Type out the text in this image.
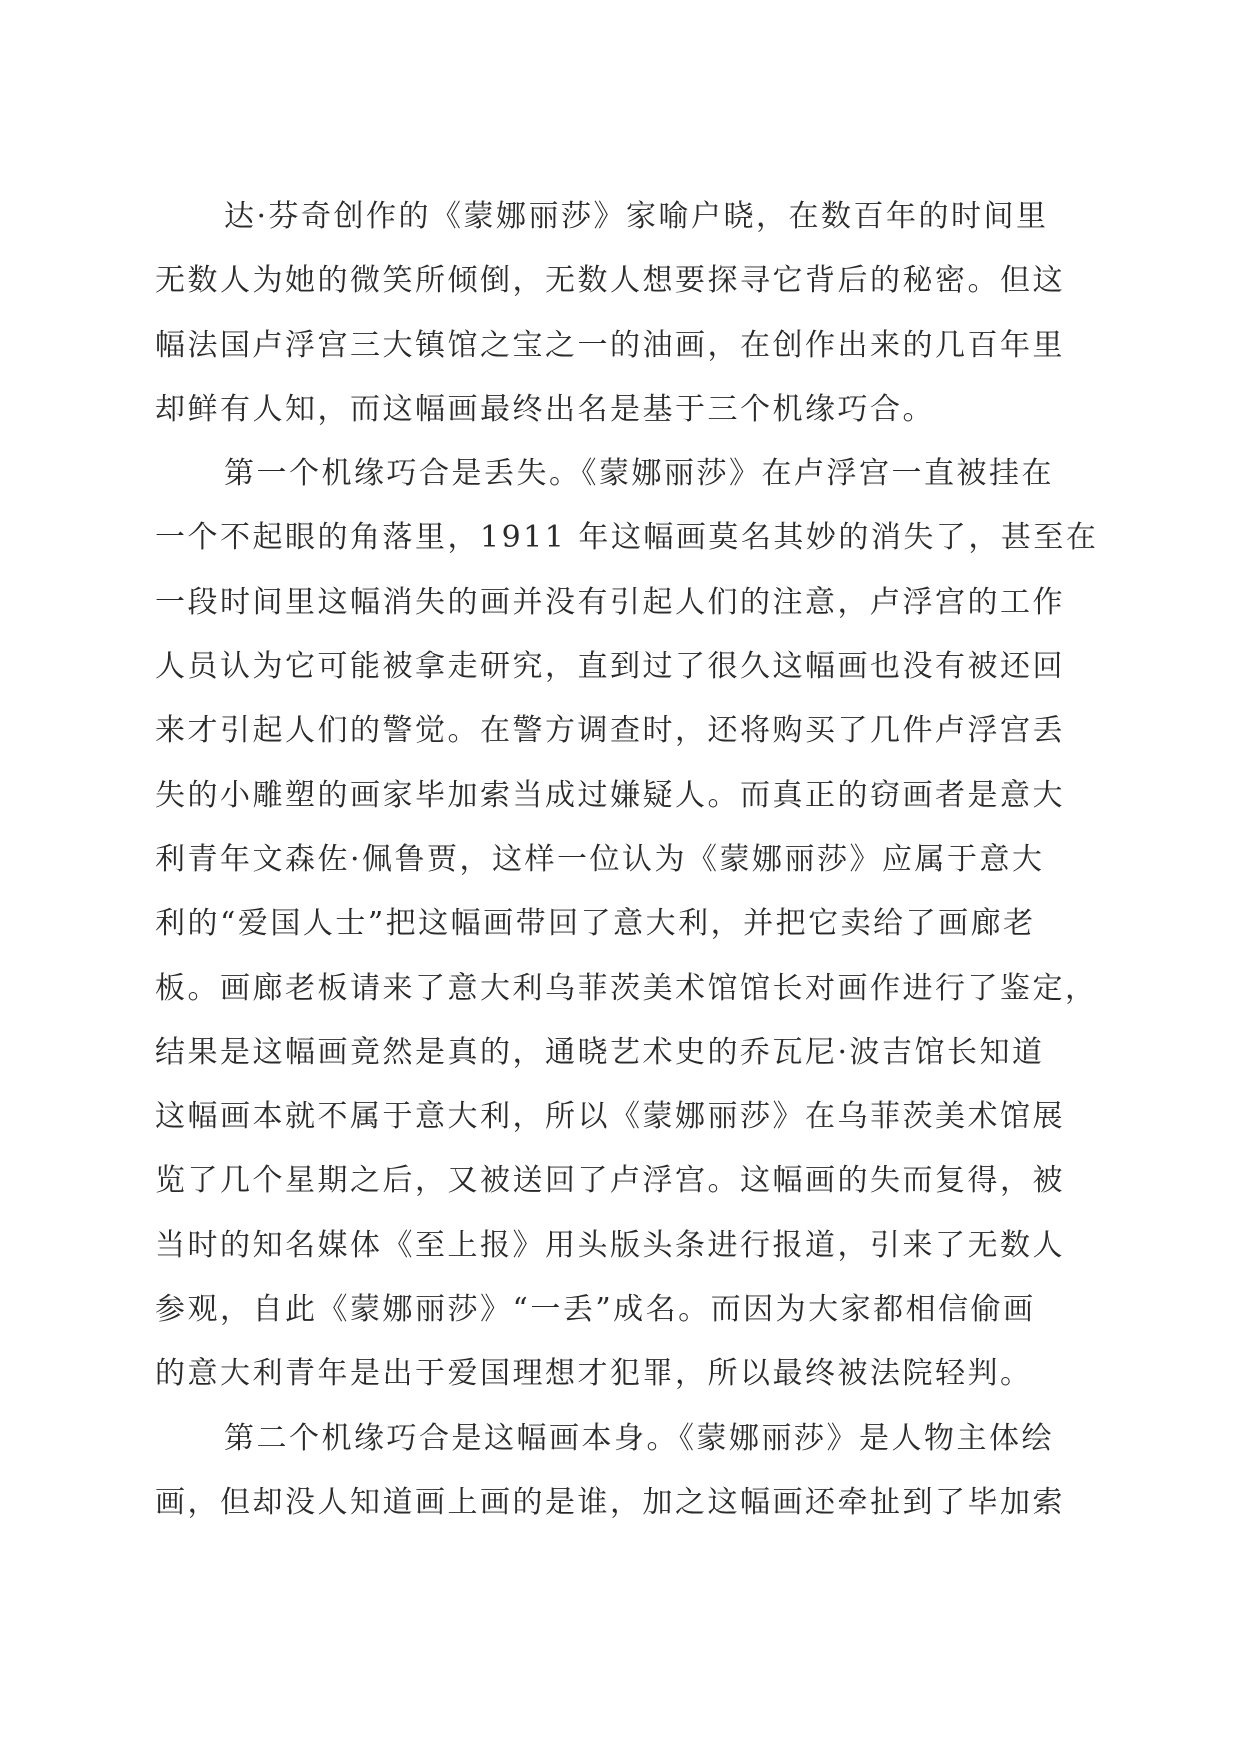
达·芬奇创作的《蒙娜丽莎》家喻户晓，在数百年的时间里
无数人为她的微笑所倾倒，无数人想要探寻它背后的秘密。但这
幅法国卢浮宫三大镇馆之宝之一的油画，在创作出来的几百年里
却鲜有人知，而这幅画最终出名是基于三个机缘巧合。
第一个机缘巧合是丢失。《蒙娜丽莎》在卢浮宫一直被挂在
一个不起眼的角落里，1911 年这幅画莫名其妙的消失了，甚至在
一段时间里这幅消失的画并没有引起人们的注意，卢浮宫的工作
人员认为它可能被拿走研究，直到过了很久这幅画也没有被还回
来才引起人们的警觉。在警方调查时，还将购买了几件卢浮宫丢
失的小雕塑的画家毕加索当成过嫌疑人。而真正的窃画者是意大
利青年文森佐·佩鲁贾，这样一位认为《蒙娜丽莎》应属于意大
利的“爱国人士”把这幅画带回了意大利，并把它卖给了画廊老
板。画廊老板请来了意大利乌菲茨美术馆馆长对画作进行了鉴定，
结果是这幅画竟然是真的，通晓艺术史的乔瓦尼·波吉馆长知道
这幅画本就不属于意大利，所以《蒙娜丽莎》在乌菲茨美术馆展
览了几个星期之后，又被送回了卢浮宫。这幅画的失而复得，被
当时的知名媒体《至上报》用头版头条进行报道，引来了无数人
参观，自此《蒙娜丽莎》“一丢”成名。而因为大家都相信偷画
的意大利青年是出于爱国理想才犯罪，所以最终被法院轻判。
第二个机缘巧合是这幅画本身。《蒙娜丽莎》是人物主体绘
画，但却没人知道画上画的是谁，加之这幅画还牵扯到了毕加索
